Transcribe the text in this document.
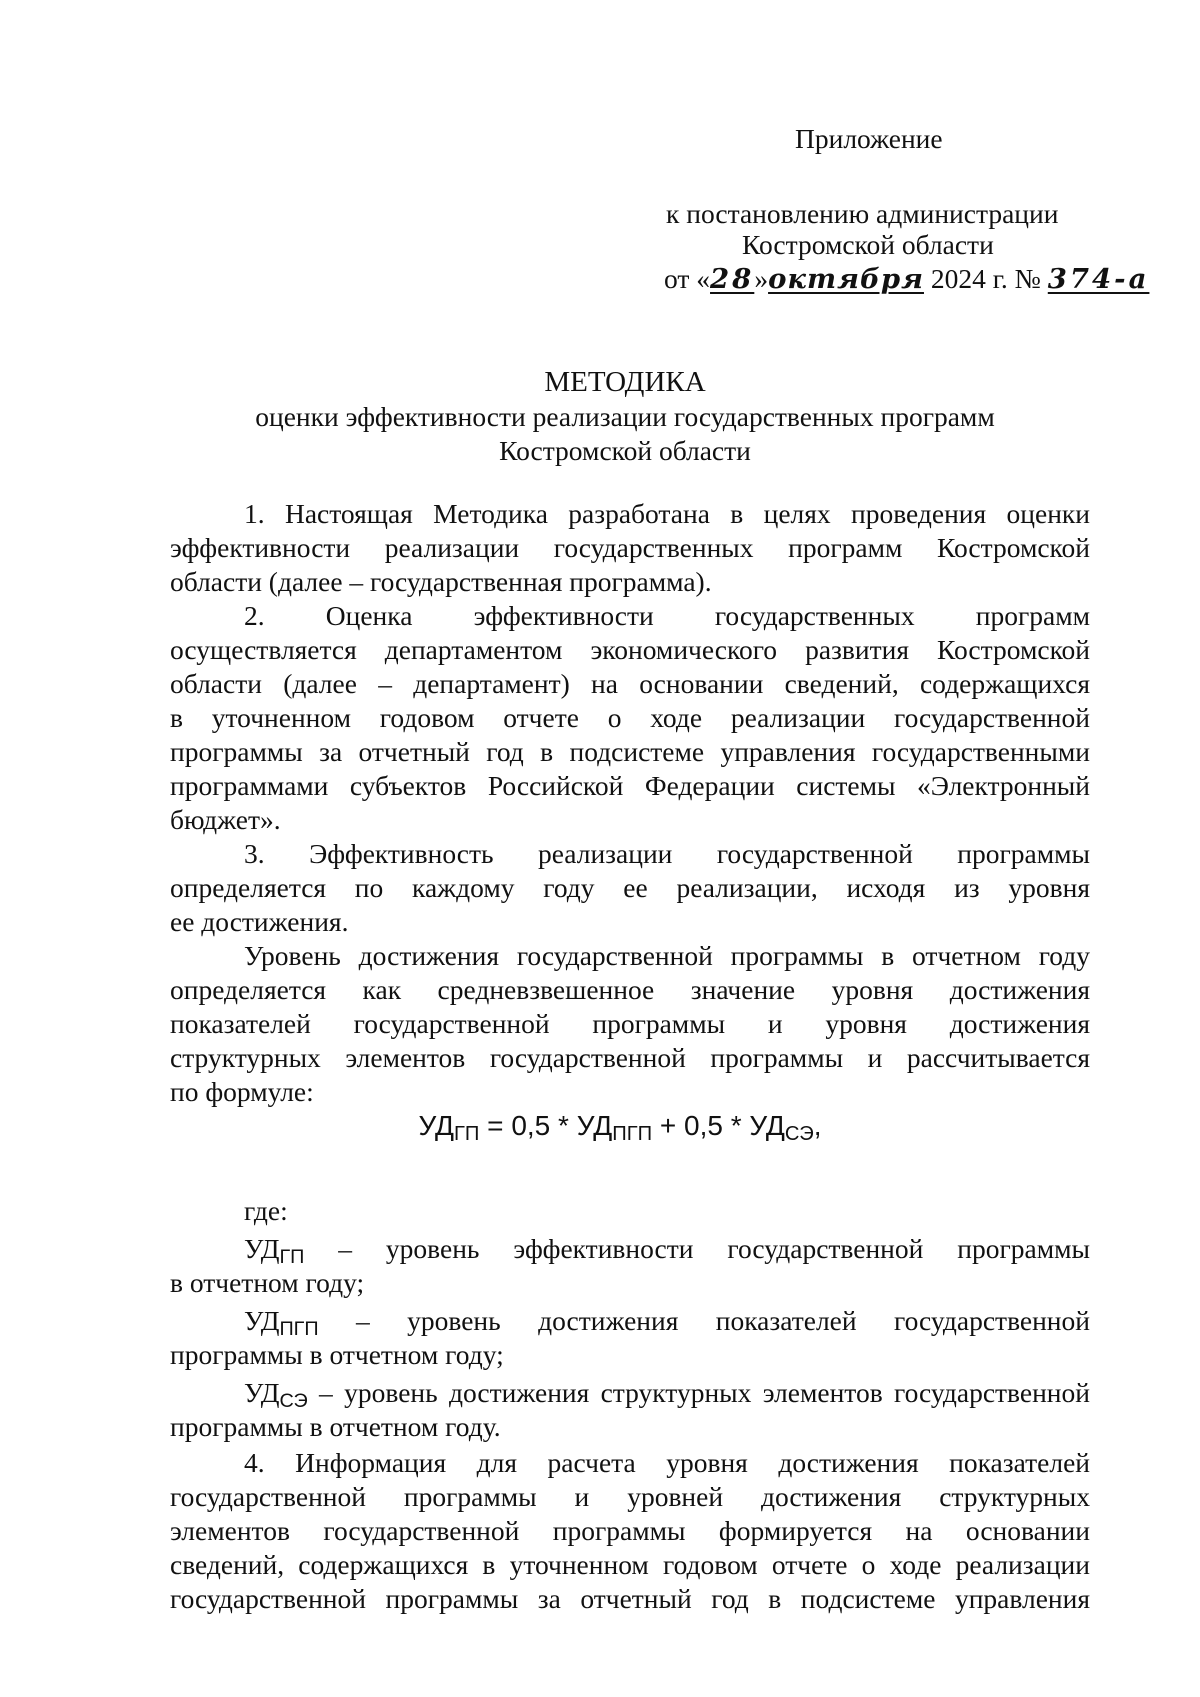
Приложение
к постановлению администрации
Костромской области
от «28»октября 2024 г. № 374-а
МЕТОДИКА
оценки эффективности реализации государственных программ
Костромской области
1. Настоящая Методика разработана в целях проведения оценки
эффективности реализации государственных программ Костромской
области (далее – государственная программа).
2. Оценка эффективности государственных программ
осуществляется департаментом экономического развития Костромской
области (далее – департамент) на основании сведений, содержащихся
в уточненном годовом отчете о ходе реализации государственной
программы за отчетный год в подсистеме управления государственными
программами субъектов Российской Федерации системы «Электронный
бюджет».
3. Эффективность реализации государственной программы
определяется по каждому году ее реализации, исходя из уровня
ее достижения.
Уровень достижения государственной программы в отчетном году
определяется как средневзвешенное значение уровня достижения
показателей государственной программы и уровня достижения
структурных элементов государственной программы и рассчитывается
по формуле:
$УД_{ГП} = 0,5 * УД_{ПГП} + 0,5 * УД_{СЭ}$,
где:
$УД_{ГП}$ – уровень эффективности государственной программы
в отчетном году;
$УД_{ПГП}$ – уровень достижения показателей государственной
программы в отчетном году;
$УД_{СЭ}$ – уровень достижения структурных элементов государственной
программы в отчетном году.
4. Информация для расчета уровня достижения показателей
государственной программы и уровней достижения структурных
элементов государственной программы формируется на основании
сведений, содержащихся в уточненном годовом отчете о ходе реализации
государственной программы за отчетный год в подсистеме управления
